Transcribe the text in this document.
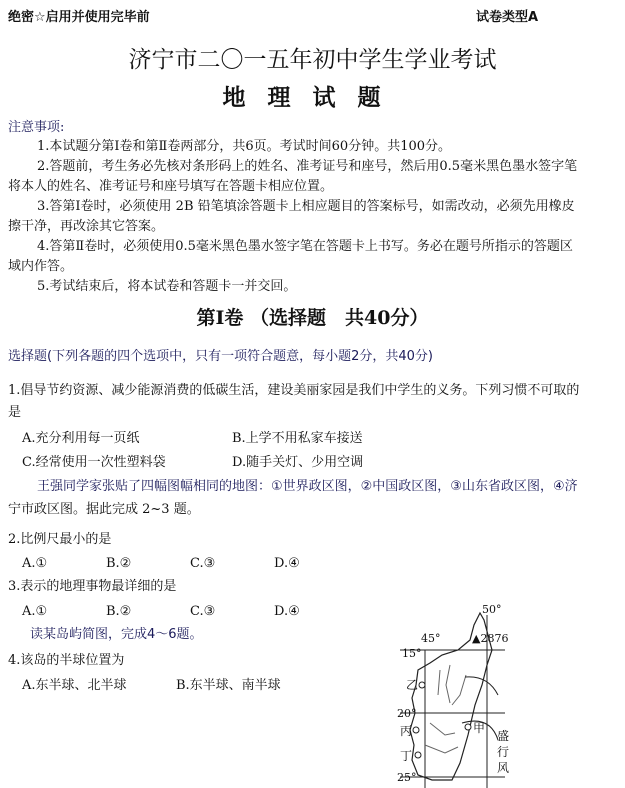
绝密☆启用并使用完毕前	试卷类型A
济宁市二〇一五年初中学生学业考试
地理试题
注意事项:
1.本试题分第Ⅰ卷和第Ⅱ卷两部分，共6页。考试时间60分钟。共100分。
2.答题前，考生务必先核对条形码上的姓名、准考证号和座号，然后用0.5毫米黑色墨水签字笔
将本人的姓名、准考证号和座号填写在答题卡相应位置。
3.答第Ⅰ卷时，必须使用 2B 铅笔填涂答题卡上相应题目的答案标号，如需改动，必须先用橡皮
擦干净，再改涂其它答案。
4.答第Ⅱ卷时，必须使用0.5毫米黑色墨水签字笔在答题卡上书写。务必在题号所指示的答题区
域内作答。
5.考试结束后，将本试卷和答题卡一并交回。
第Ⅰ卷 （选择题　共40分）
选择题(下列各题的四个选项中，只有一项符合题意，每小题2分，共40分)
1.倡导节约资源、减少能源消费的低碳生活，建设美丽家园是我们中学生的义务。下列习惯不可取的
是
A.充分利用每一页纸	B.上学不用私家车接送
C.经常使用一次性塑料袋	D.随手关灯、少用空调
王强同学家张贴了四幅图幅相同的地图：①世界政区图，②中国政区图，③山东省政区图，④济
宁市政区图。据此完成 2~3 题。
2.比例尺最小的是
A.①	B.②	C.③	D.④
3.表示的地理事物最详细的是
A.①	B.②	C.③	D.④
读某岛屿简图，完成4～6题。
4.该岛的半球位置为
A.东半球、北半球	B.东半球、南半球
45°
50°
15°
20°
25°
▲2876
乙
丙
丁
甲
盛
行
风
